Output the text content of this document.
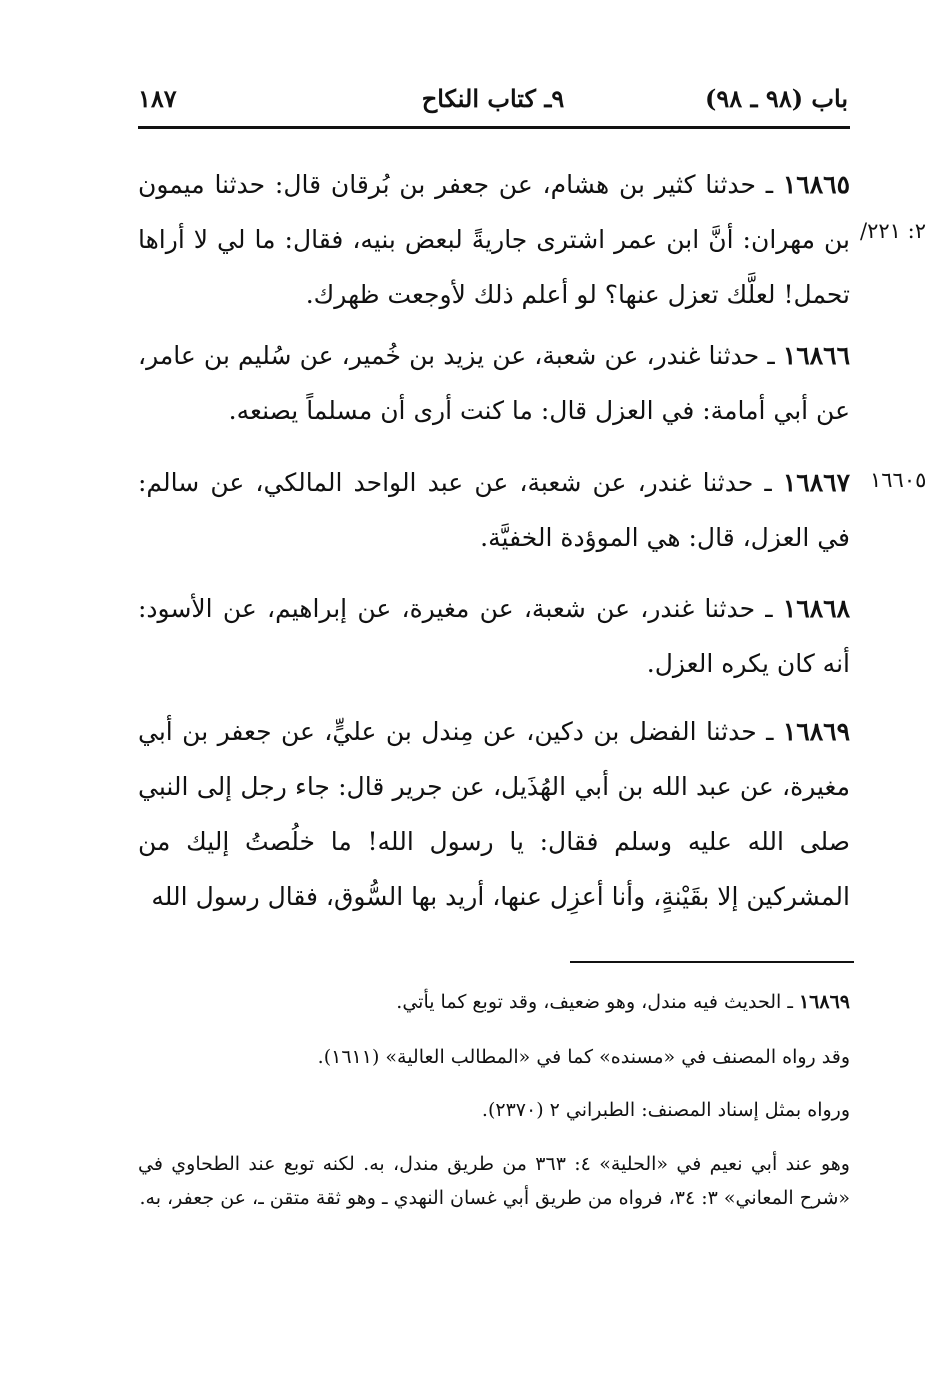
باب (٩٨ ـ ٩٨)
٩ـ كتاب النكاح
١٨٧
١٦٨٦٥ ـ حدثنا كثير بن هشام، عن جعفر بن بُرقان قال: حدثنا ميمون بن مهران: أنَّ ابن عمر اشترى جاريةً لبعض بنيه، فقال: ما لي لا أراها تحمل! لعلَّك تعزل عنها؟ لو أعلم ذلك لأوجعت ظهرك.
/٢: ٢٢١
١٦٨٦٦ ـ حدثنا غندر، عن شعبة، عن يزيد بن خُمير، عن سُليم بن عامر، عن أبي أمامة: في العزل قال: ما كنت أرى أن مسلماً يصنعه.
١٦٨٦٧ ـ حدثنا غندر، عن شعبة، عن عبد الواحد المالكي، عن سالم: في العزل، قال: هي الموؤدة الخفيَّة.
١٦٦٠٥
١٦٨٦٨ ـ حدثنا غندر، عن شعبة، عن مغيرة، عن إبراهيم، عن الأسود: أنه كان يكره العزل.
١٦٨٦٩ ـ حدثنا الفضل بن دكين، عن مِندل بن عليٍّ، عن جعفر بن أبي مغيرة، عن عبد الله بن أبي الهُذَيل، عن جرير قال: جاء رجل إلى النبي صلى الله عليه وسلم فقال: يا رسول الله! ما خلُصتُ إليك من المشركين إلا بقَيْنةٍ، وأنا أعزِل عنها، أريد بها السُّوق، فقال رسول الله
١٦٨٦٩ ـ الحديث فيه مندل، وهو ضعيف، وقد توبع كما يأتي.
وقد رواه المصنف في «مسنده» كما في «المطالب العالية» (١٦١١).
ورواه بمثل إسناد المصنف: الطبراني ٢ (٢٣٧٠).
وهو عند أبي نعيم في «الحلية» ٤: ٣٦٣ من طريق مندل، به. لكنه توبع عند الطحاوي في «شرح المعاني» ٣: ٣٤، فرواه من طريق أبي غسان النهدي ـ وهو ثقة متقن ـ، عن جعفر، به.
